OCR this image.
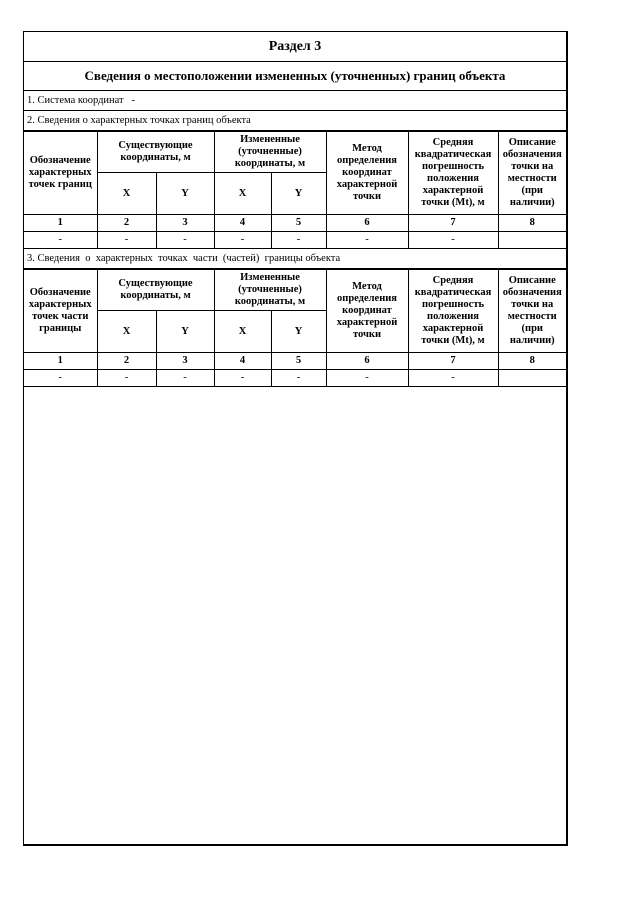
Раздел 3
Сведения о местоположении измененных (уточненных) границ объекта
1. Система координат   -
2. Сведения о характерных точках границ объекта
Обозначение характерных точек границ	Существующие координаты, м		Измененные (уточненные) координаты, м		Метод определения координат характерной точки	Средняя квадратическая погрешность положения характерной точки (Mt), м	Описание обозначения точки на местности (при наличии)
	X	Y	X	Y			
1	2	3	4	5	6	7	8
-	-	-	-	-	-	-	
3. Сведения  о  характерных  точках  части  (частей)  границы объекта
Обозначение характерных точек части границы	Существующие координаты, м		Измененные (уточненные) координаты, м		Метод определения координат характерной точки	Средняя квадратическая погрешность положения характерной точки (Mt), м	Описание обозначения точки на местности (при наличии)
	X	Y	X	Y			
1	2	3	4	5	6	7	8
-	-	-	-	-	-	-	
